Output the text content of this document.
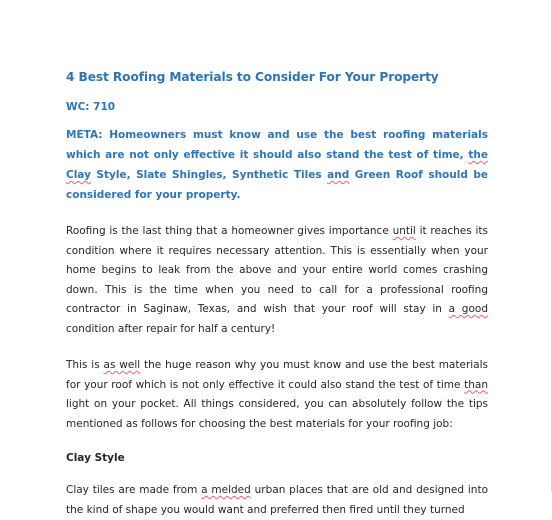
4 Best Roofing Materials to Consider For Your Property
WC: 710
META: Homeowners must know and use the best roofing materials which are not only effective it should also stand the test of time, the Clay Style, Slate Shingles, Synthetic Tiles and Green Roof should be considered for your property.
Roofing is the last thing that a homeowner gives importance until it reaches its condition where it requires necessary attention. This is essentially when your home begins to leak from the above and your entire world comes crashing down. This is the time when you need to call for a professional roofing contractor in Saginaw, Texas, and wish that your roof will stay in a good condition after repair for half a century!
This is as well the huge reason why you must know and use the best materials for your roof which is not only effective it could also stand the test of time than light on your pocket. All things considered, you can absolutely follow the tips mentioned as follows for choosing the best materials for your roofing job:
Clay Style
Clay tiles are made from a melded urban places that are old and designed into the kind of shape you would want and preferred then fired until they turned
